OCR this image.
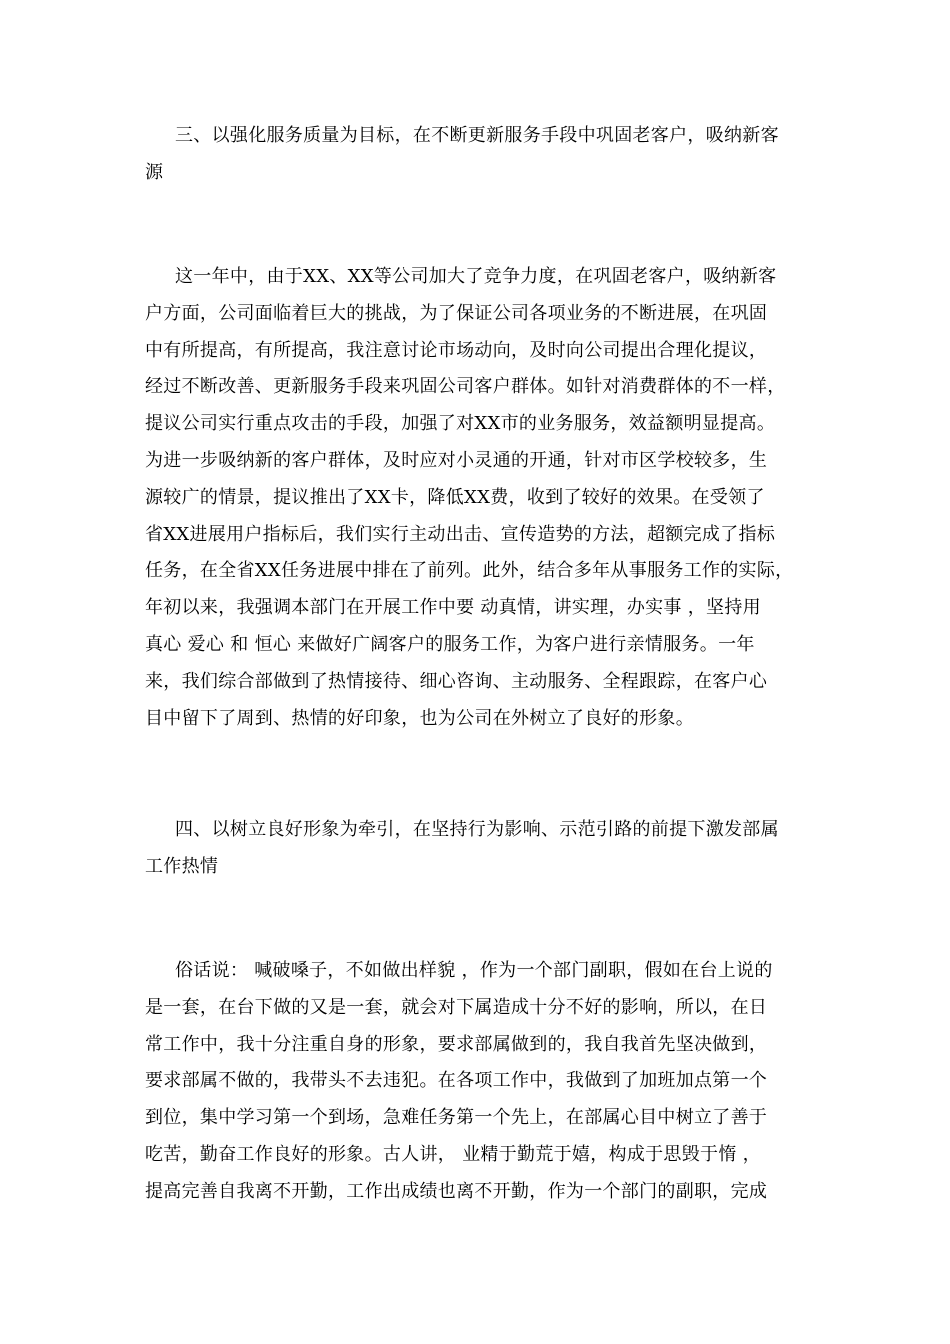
三、以强化服务质量为目标，在不断更新服务手段中巩固老客户，吸纳新客

源

这一年中，由于XX、XX等公司加大了竞争力度，在巩固老客户，吸纳新客

户方面，公司面临着巨大的挑战，为了保证公司各项业务的不断进展，在巩固

中有所提高，有所提高，我注意讨论市场动向，及时向公司提出合理化提议，

经过不断改善、更新服务手段来巩固公司客户群体。如针对消费群体的不一样，

提议公司实行重点攻击的手段，加强了对XX市的业务服务，效益额明显提高。

为进一步吸纳新的客户群体，及时应对小灵通的开通，针对市区学校较多，生

源较广的情景，提议推出了XX卡，降低XX费，收到了较好的效果。在受领了

省XX进展用户指标后，我们实行主动出击、宣传造势的方法，超额完成了指标

任务，在全省XX任务进展中排在了前列。此外，结合多年从事服务工作的实际，

年初以来，我强调本部门在开展工作中要 动真情，讲实理，办实事 ，坚持用

真心 爱心 和 恒心 来做好广阔客户的服务工作，为客户进行亲情服务。一年

来，我们综合部做到了热情接待、细心咨询、主动服务、全程跟踪，在客户心

目中留下了周到、热情的好印象，也为公司在外树立了良好的形象。

四、以树立良好形象为牵引，在坚持行为影响、示范引路的前提下激发部属

工作热情

俗话说： 喊破嗓子，不如做出样貌 ，作为一个部门副职，假如在台上说的

是一套，在台下做的又是一套，就会对下属造成十分不好的影响，所以，在日

常工作中，我十分注重自身的形象，要求部属做到的，我自我首先坚决做到，

要求部属不做的，我带头不去违犯。在各项工作中，我做到了加班加点第一个

到位，集中学习第一个到场，急难任务第一个先上，在部属心目中树立了善于

吃苦，勤奋工作良好的形象。古人讲， 业精于勤荒于嬉，构成于思毁于惰 ，

提高完善自我离不开勤，工作出成绩也离不开勤，作为一个部门的副职，完成
